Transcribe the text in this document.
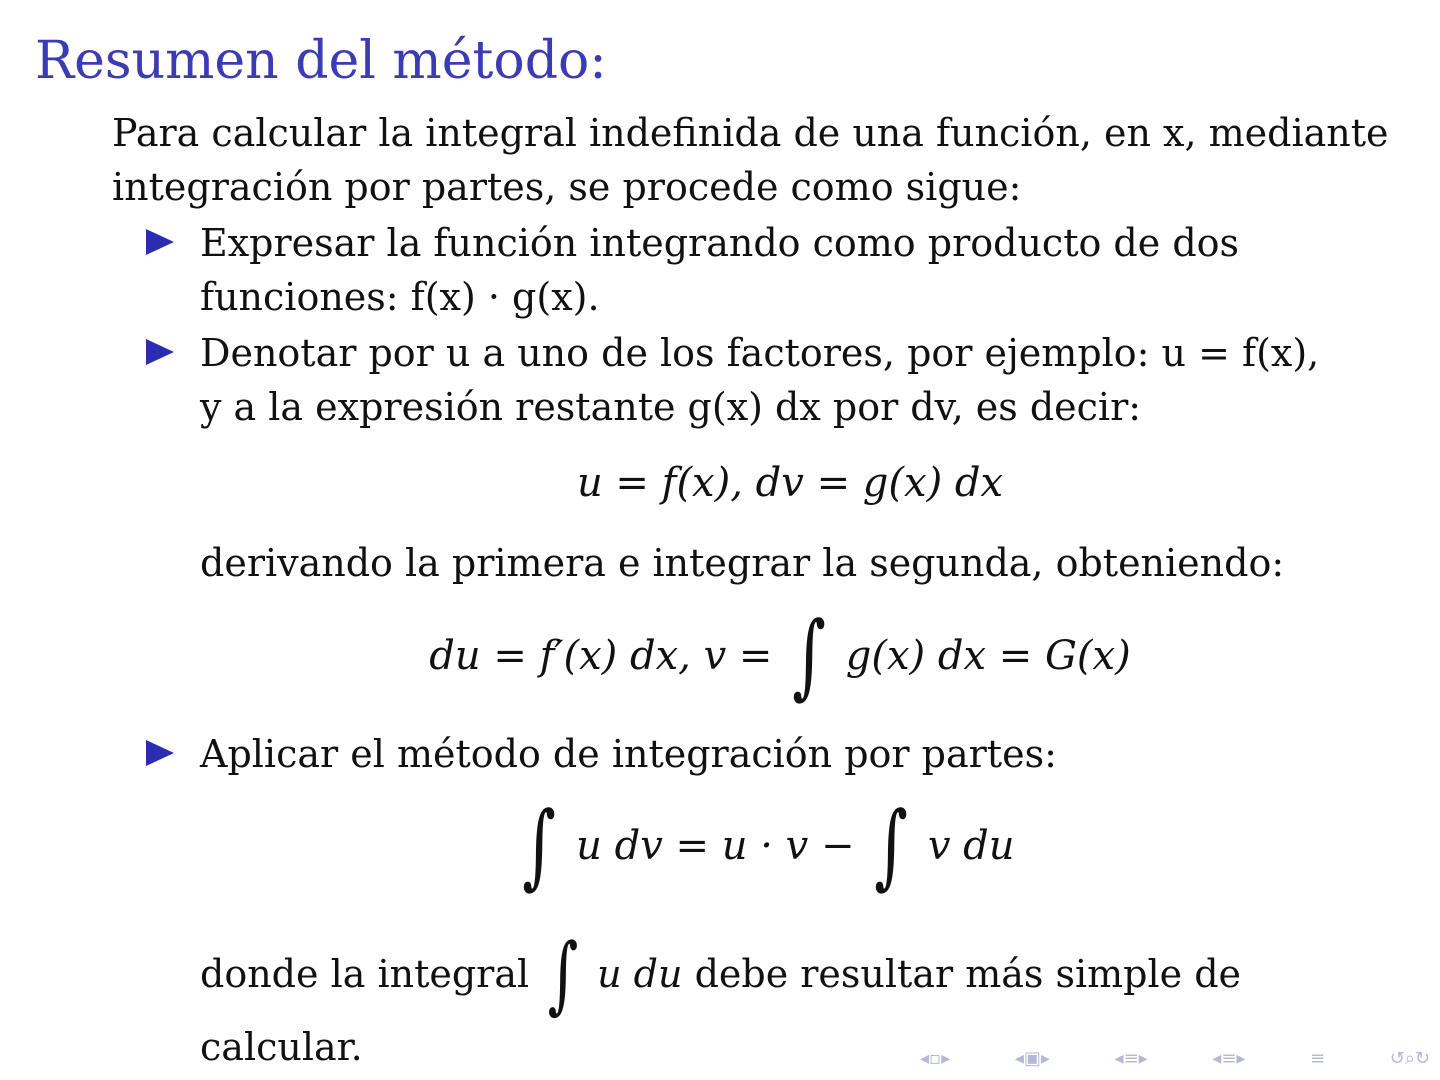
Resumen del método:
Para calcular la integral indefinida de una función, en x, mediante
integración por partes, se procede como sigue:
Expresar la función integrando como producto de dos
funciones: f(x) · g(x).
Denotar por u a uno de los factores, por ejemplo: u = f(x),
y a la expresión restante g(x) dx por dv, es decir:
u = f(x), dv = g(x) dx
derivando la primera e integrar la segunda, obteniendo:
du = f′(x) dx, v = ∫ g(x) dx = G(x)
Aplicar el método de integración por partes:
∫ u dv = u · v − ∫ v du
donde la integral ∫ u du debe resultar más simple de
calcular.	◂▫▸	◂▣▸	◂≡▸	◂≡▸	≡	↺⌕↻
